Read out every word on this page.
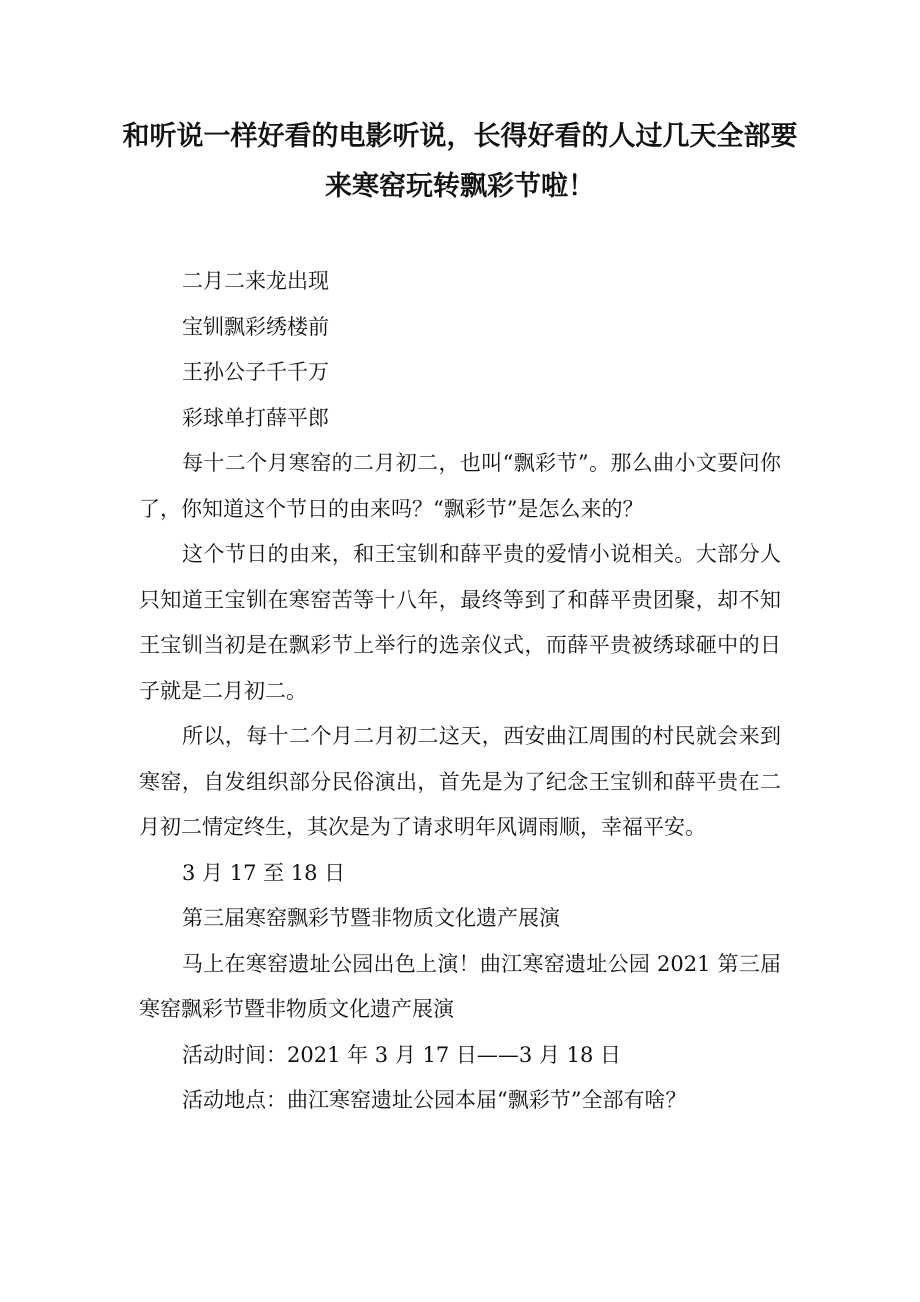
和听说一样好看的电影听说，长得好看的人过几天全部要来寒窑玩转飘彩节啦！

二月二来龙出现

宝钏飘彩绣楼前

王孙公子千千万

彩球单打薛平郎

每十二个月寒窑的二月初二，也叫“飘彩节”。那么曲小文要问你了，你知道这个节日的由来吗？“飘彩节”是怎么来的？

这个节日的由来，和王宝钏和薛平贵的爱情小说相关。大部分人只知道王宝钏在寒窑苦等十八年，最终等到了和薛平贵团聚，却不知王宝钏当初是在飘彩节上举行的选亲仪式，而薛平贵被绣球砸中的日子就是二月初二。

所以，每十二个月二月初二这天，西安曲江周围的村民就会来到寒窑，自发组织部分民俗演出，首先是为了纪念王宝钏和薛平贵在二月初二情定终生，其次是为了请求明年风调雨顺，幸福平安。

3 月 17 至 18 日

第三届寒窑飘彩节暨非物质文化遗产展演

马上在寒窑遗址公园出色上演！曲江寒窑遗址公园 2021 第三届寒窑飘彩节暨非物质文化遗产展演

活动时间：2021 年 3 月 17 日——3 月 18 日

活动地点：曲江寒窑遗址公园本届“飘彩节”全部有啥？
